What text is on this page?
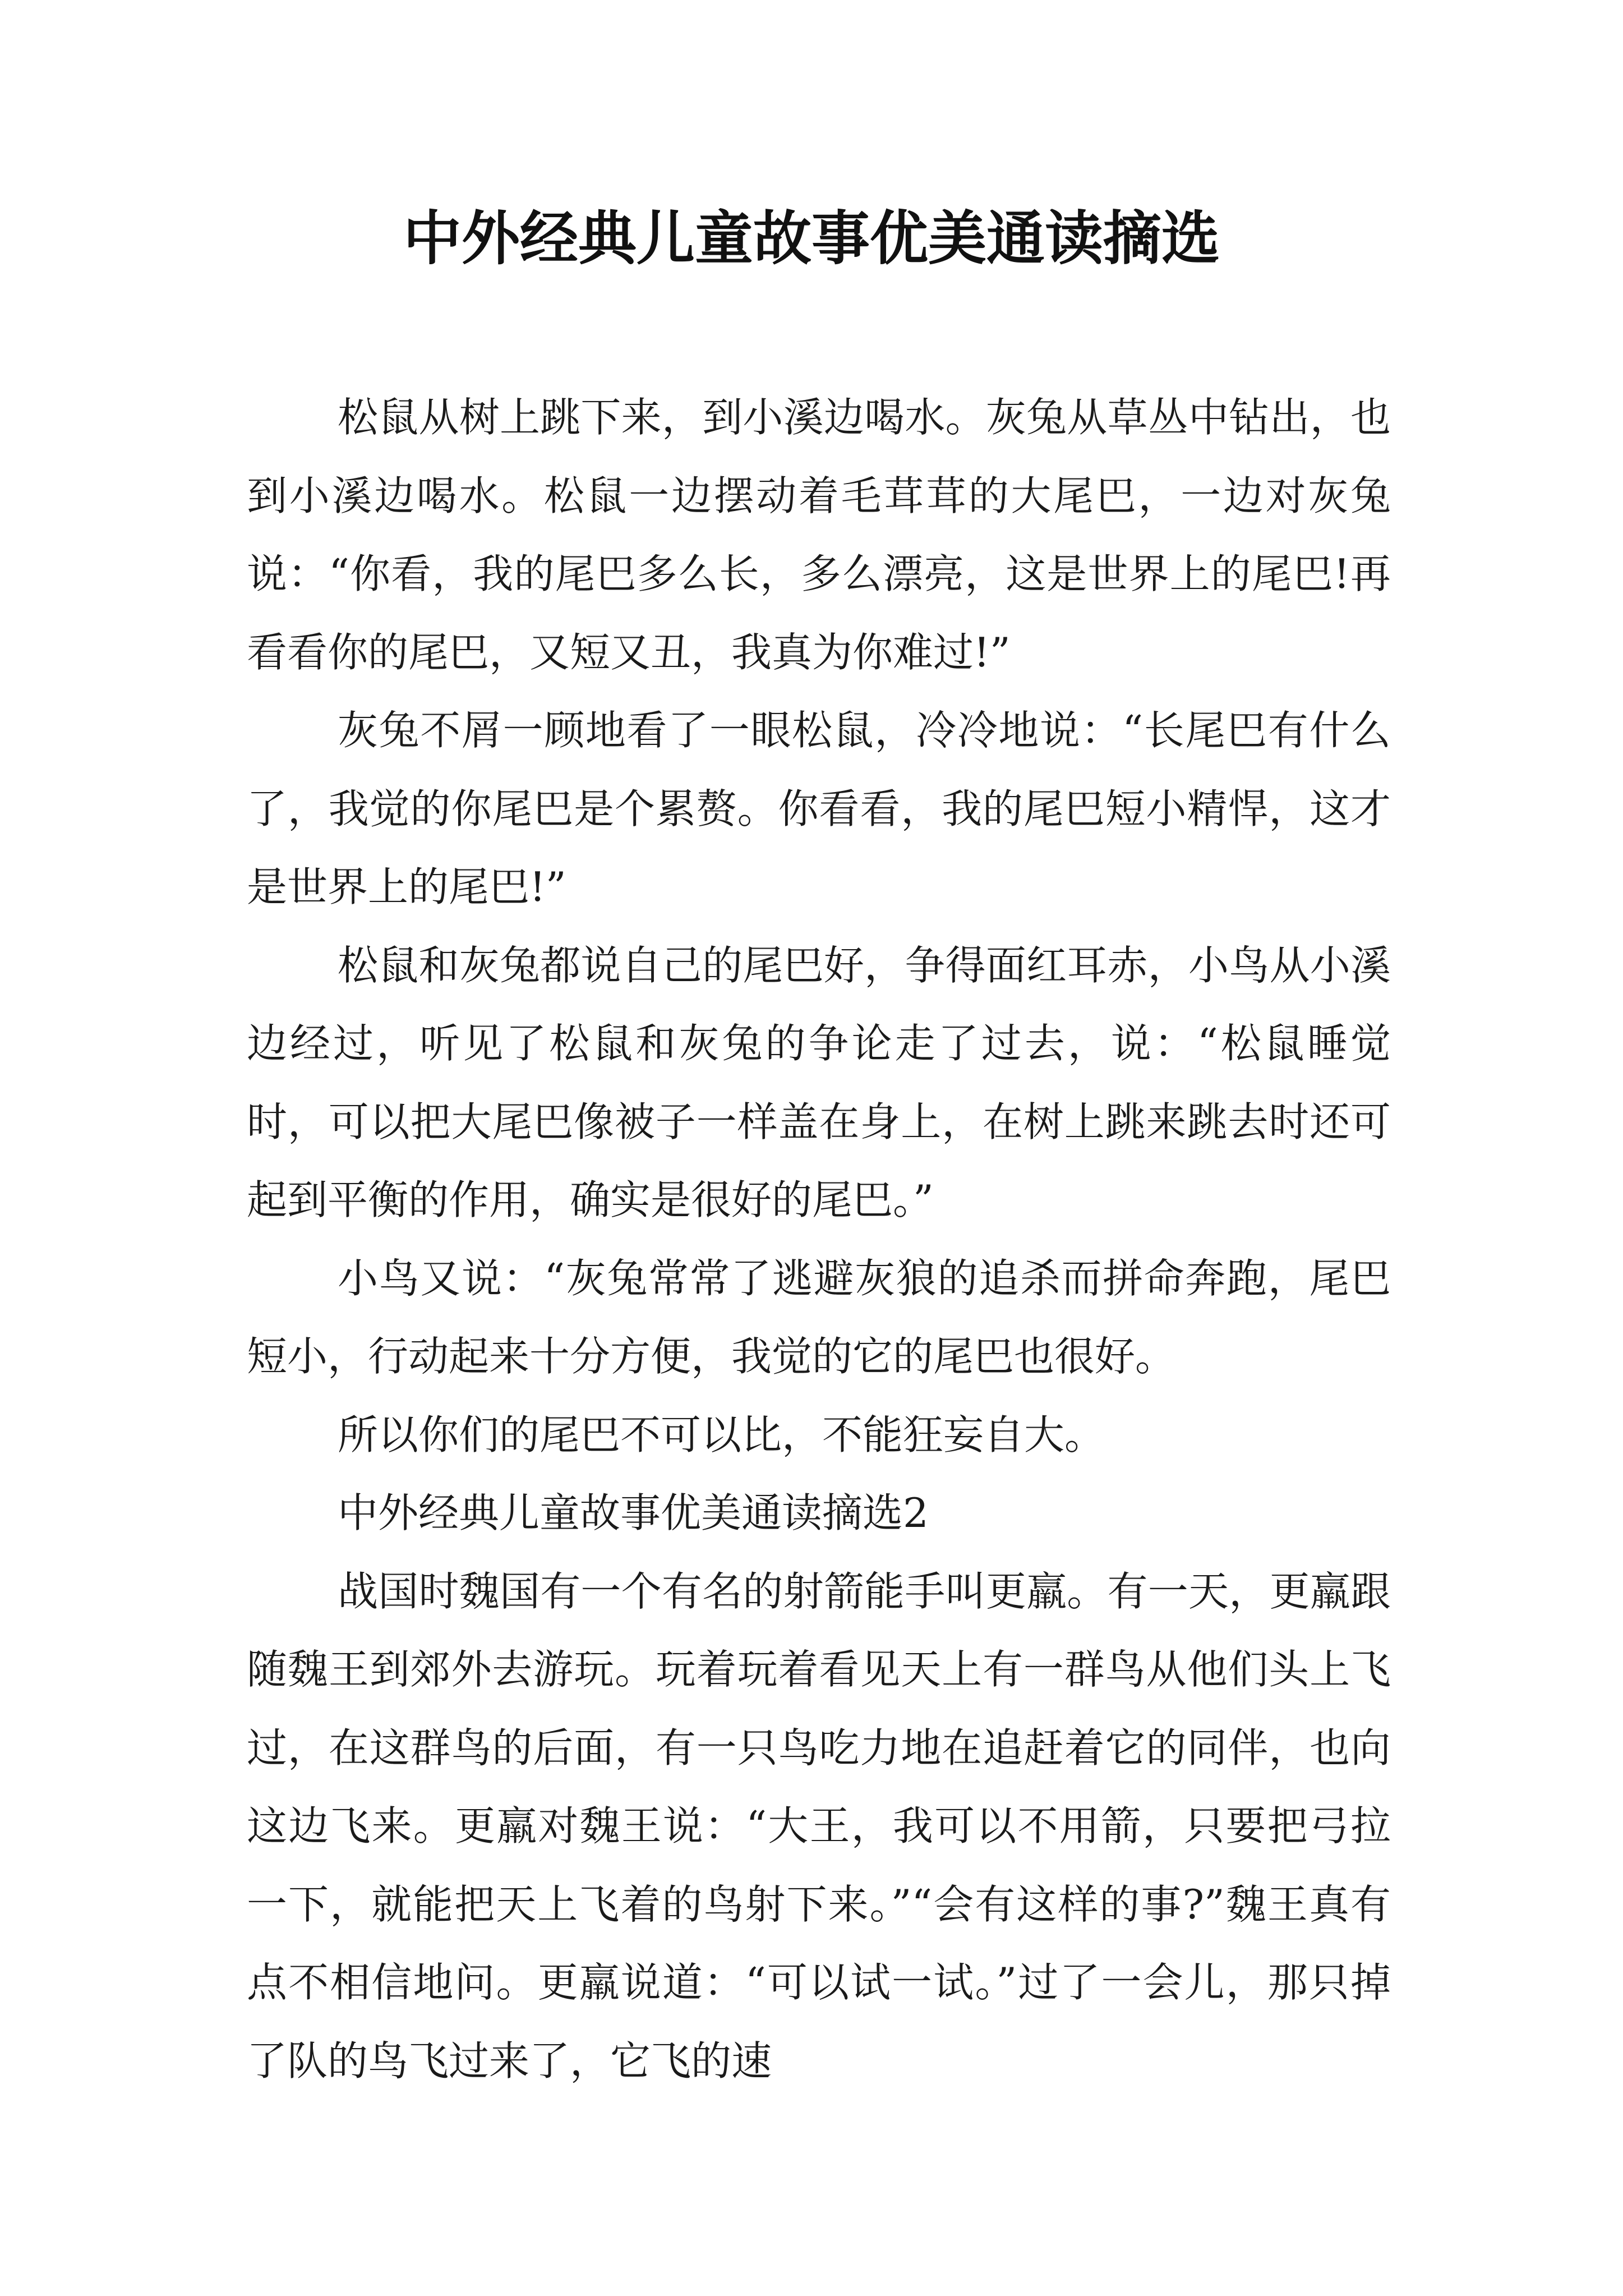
中外经典儿童故事优美通读摘选

松鼠从树上跳下来，到小溪边喝水。灰兔从草丛中钻出，也到小溪边喝水。松鼠一边摆动着毛茸茸的大尾巴，一边对灰兔说：“你看，我的尾巴多么长，多么漂亮，这是世界上的尾巴!再看看你的尾巴，又短又丑，我真为你难过!”

灰兔不屑一顾地看了一眼松鼠，冷冷地说：“长尾巴有什么了，我觉的你尾巴是个累赘。你看看，我的尾巴短小精悍，这才是世界上的尾巴!”

松鼠和灰兔都说自己的尾巴好，争得面红耳赤，小鸟从小溪边经过，听见了松鼠和灰兔的争论走了过去，说：“松鼠睡觉时，可以把大尾巴像被子一样盖在身上，在树上跳来跳去时还可起到平衡的作用，确实是很好的尾巴。”

小鸟又说：“灰兔常常了逃避灰狼的追杀而拼命奔跑，尾巴短小，行动起来十分方便，我觉的它的尾巴也很好。

所以你们的尾巴不可以比，不能狂妄自大。

中外经典儿童故事优美通读摘选2

战国时魏国有一个有名的射箭能手叫更羸。有一天，更羸跟随魏王到郊外去游玩。玩着玩着看见天上有一群鸟从他们头上飞过，在这群鸟的后面，有一只鸟吃力地在追赶着它的同伴，也向这边飞来。更羸对魏王说：“大王，我可以不用箭，只要把弓拉一下，就能把天上飞着的鸟射下来。”“会有这样的事?”魏王真有点不相信地问。更羸说道：“可以试一试。”过了一会儿，那只掉了队的鸟飞过来了，它飞的速
